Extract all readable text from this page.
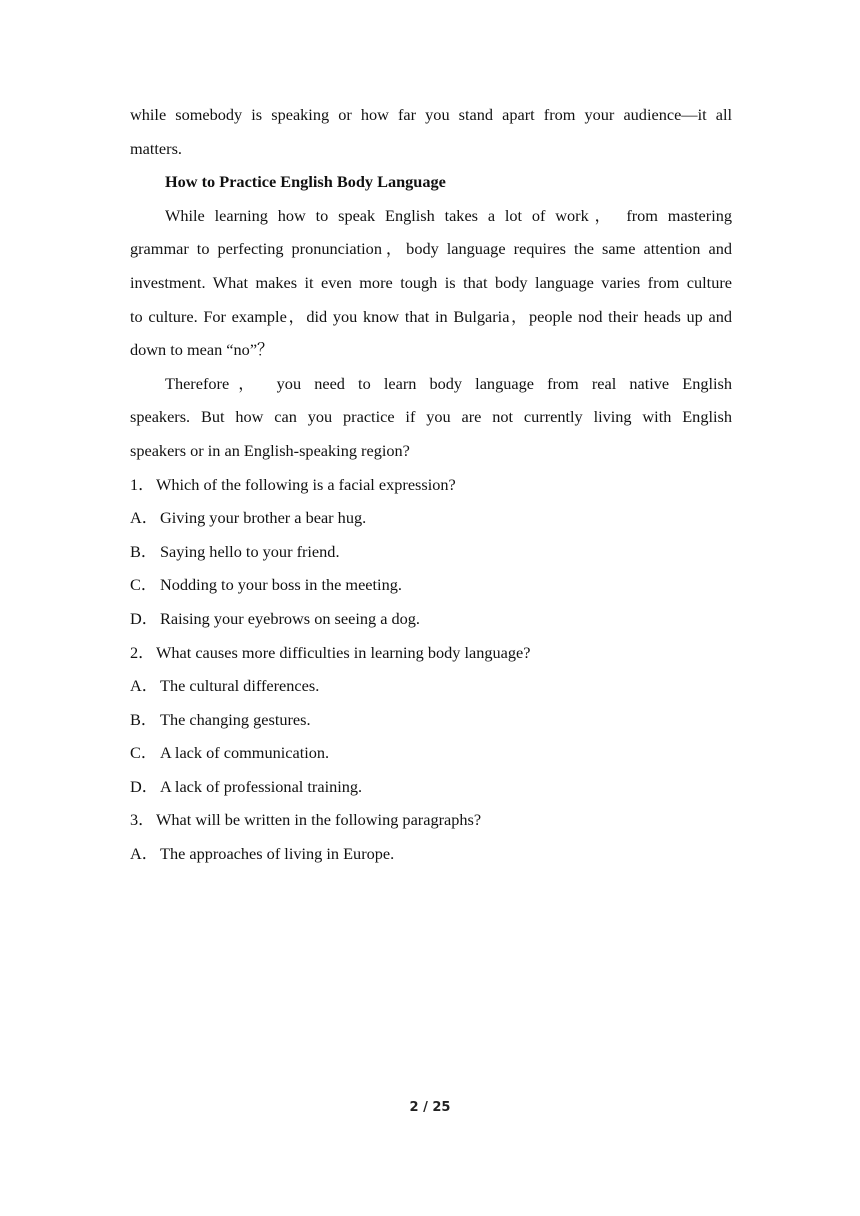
while somebody is speaking or how far you stand apart from your audience—it all

matters.

How to Practice English Body Language

While learning how to speak English takes a lot of work， from mastering

grammar to perfecting pronunciation，body language requires the same attention and

investment. What makes it even more tough is that body language varies from culture

to culture. For example，did you know that in Bulgaria，people nod their heads up and

down to mean “no”？

Therefore， you need to learn body language from real native English

speakers. But how can you practice if you are not currently living with English

speakers or in an English-speaking region?

1．Which of the following is a facial expression?

A． Giving your brother a bear hug.

B． Saying hello to your friend.

C． Nodding to your boss in the meeting.

D． Raising your eyebrows on seeing a dog.

2．What causes more difficulties in learning body language?

A． The cultural differences.

B． The changing gestures.

C． A lack of communication.

D． A lack of professional training.

3．What will be written in the following paragraphs?

A． The approaches of living in Europe.

2 / 25
